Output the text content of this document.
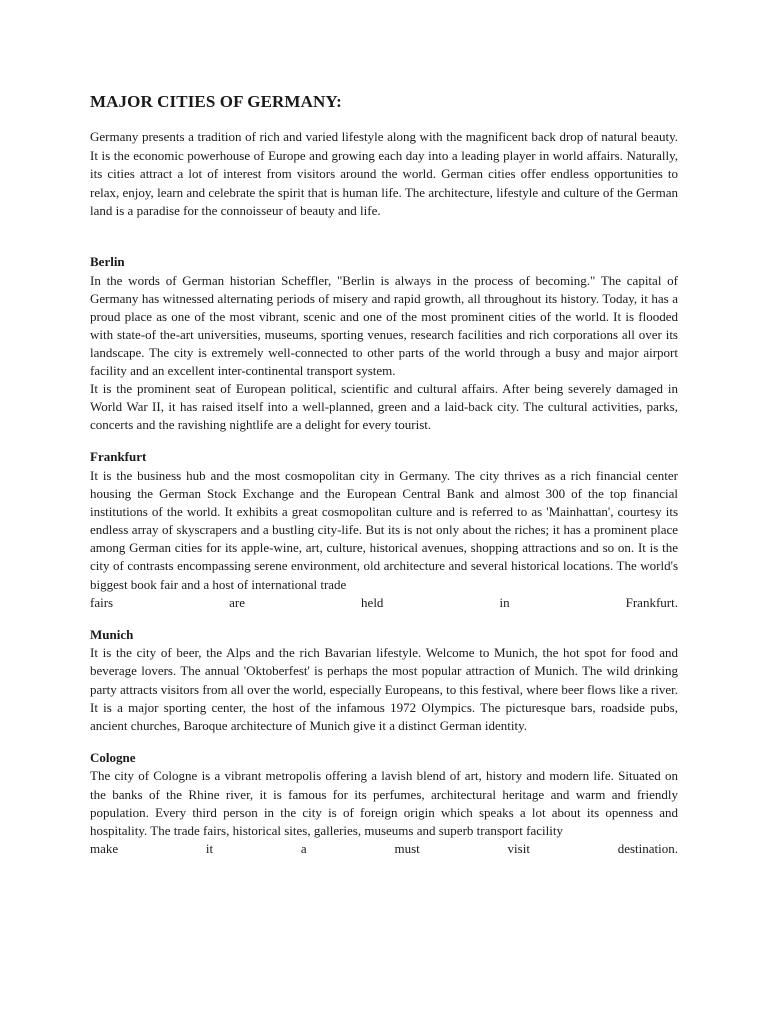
MAJOR CITIES OF GERMANY:

Germany presents a tradition of rich and varied lifestyle along with the magnificent back drop of natural beauty. It is the economic powerhouse of Europe and growing each day into a leading player in world affairs. Naturally, its cities attract a lot of interest from visitors around the world. German cities offer endless opportunities to relax, enjoy, learn and celebrate the spirit that is human life. The architecture, lifestyle and culture of the German land is a paradise for the connoisseur of beauty and life.

Berlin

In the words of German historian Scheffler, "Berlin is always in the process of becoming." The capital of Germany has witnessed alternating periods of misery and rapid growth, all throughout its history. Today, it has a proud place as one of the most vibrant, scenic and one of the most prominent cities of the world. It is flooded with state-of the-art universities, museums, sporting venues, research facilities and rich corporations all over its landscape. The city is extremely well-connected to other parts of the world through a busy and major airport facility and an excellent inter-continental transport system.

It is the prominent seat of European political, scientific and cultural affairs. After being severely damaged in World War II, it has raised itself into a well-planned, green and a laid-back city. The cultural activities, parks, concerts and the ravishing nightlife are a delight for every tourist.

Frankfurt

It is the business hub and the most cosmopolitan city in Germany. The city thrives as a rich financial center housing the German Stock Exchange and the European Central Bank and almost 300 of the top financial institutions of the world. It exhibits a great cosmopolitan culture and is referred to as 'Mainhattan', courtesy its endless array of skyscrapers and a bustling city-life. But its is not only about the riches; it has a prominent place among German cities for its apple-wine, art, culture, historical avenues, shopping attractions and so on. It is the city of contrasts encompassing serene environment, old architecture and several historical locations. The world's biggest book fair and a host of international trade

fairs	are	held	in	Frankfurt.
Munich

It is the city of beer, the Alps and the rich Bavarian lifestyle. Welcome to Munich, the hot spot for food and beverage lovers. The annual 'Oktoberfest' is perhaps the most popular attraction of Munich. The wild drinking party attracts visitors from all over the world, especially Europeans, to this festival, where beer flows like a river. It is a major sporting center, the host of the infamous 1972 Olympics. The picturesque bars, roadside pubs, ancient churches, Baroque architecture of Munich give it a distinct German identity.

Cologne

The city of Cologne is a vibrant metropolis offering a lavish blend of art, history and modern life. Situated on the banks of the Rhine river, it is famous for its perfumes, architectural heritage and warm and friendly population. Every third person in the city is of foreign origin which speaks a lot about its openness and hospitality. The trade fairs, historical sites, galleries, museums and superb transport facility

make	it	a	must	visit	destination.
